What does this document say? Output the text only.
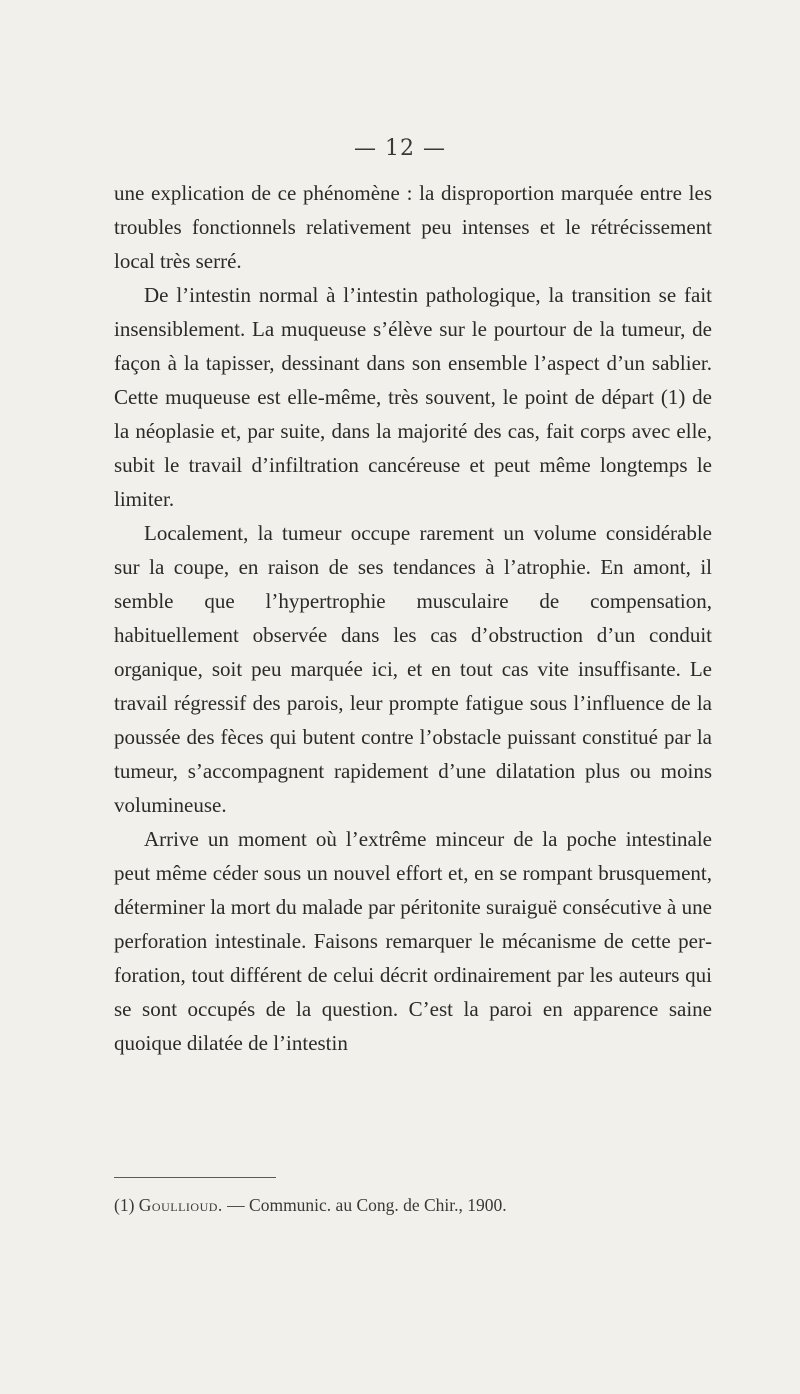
— 12 —

une explication de ce phénomène : la disproportion marquée entre les troubles fonctionnels relativement peu intenses et le rétrécissement local très serré.

De l’intestin normal à l’intestin pathologique, la transition se fait insensiblement. La muqueuse s’élève sur le pourtour de la tumeur, de façon à la tapisser, dessinant dans son ensemble l’aspect d’un sablier. Cette muqueuse est elle-même, très souvent, le point de départ (1) de la néoplasie et, par suite, dans la majorité des cas, fait corps avec elle, subit le travail d’infiltration cancéreuse et peut même longtemps le limiter.

Localement, la tumeur occupe rarement un volume considérable sur la coupe, en raison de ses tendances à l’atrophie. En amont, il semble que l’hypertrophie musculaire de compensation, habituellement observée dans les cas d’obstruction d’un conduit organique, soit peu marquée ici, et en tout cas vite insuffisante. Le travail régressif des parois, leur prompte fatigue sous l’influence de la poussée des fèces qui butent contre l’obstacle puissant constitué par la tumeur, s’accompagnent rapidement d’une dilatation plus ou moins volumineuse.

Arrive un moment où l’extrême minceur de la poche intestinale peut même céder sous un nouvel effort et, en se rompant brusquement, déterminer la mort du malade par péritonite suraiguë consécutive à une perforation intestinale. Faisons remarquer le mécanisme de cette perforation, tout différent de celui décrit ordinairement par les auteurs qui se sont occupés de la question. C’est la paroi en apparence saine quoique dilatée de l’intestin

(1) Goullioud. — Communic. au Cong. de Chir., 1900.
